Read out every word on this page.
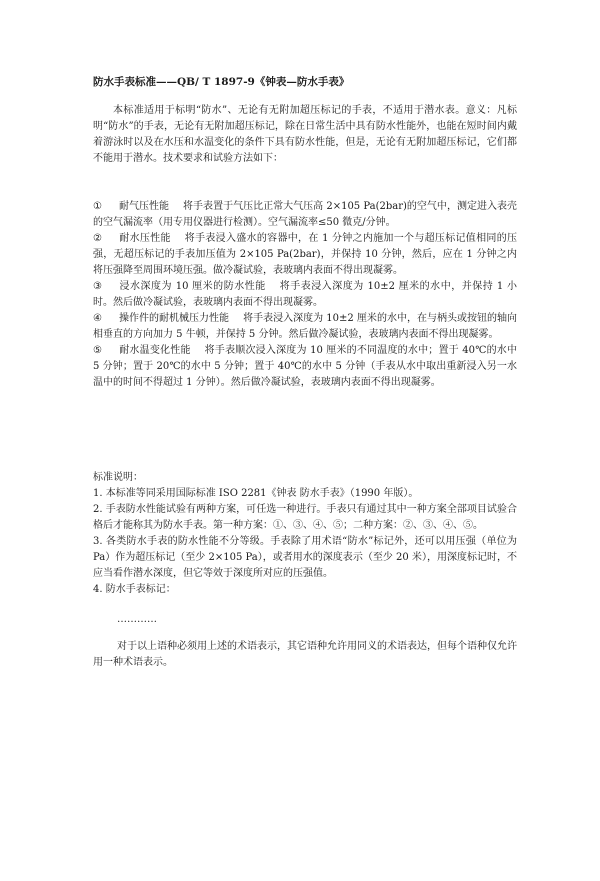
防水手表标准——QB/ T 1897-9《钟表—防水手表》
本标准适用于标明“防水”、无论有无附加超压标记的手表，不适用于潜水表。意义：凡标明“防水”的手表，无论有无附加超压标记，除在日常生活中具有防水性能外，也能在短时间内戴着游泳时以及在水压和水温变化的条件下具有防水性能，但是，无论有无附加超压标记，它们都不能用于潜水。技术要求和试验方法如下：
① 耐气压性能 将手表置于气压比正常大气压高 2×105 Pa(2bar)的空气中，测定进入表壳的空气漏流率（用专用仪器进行检测）。空气漏流率≤50 微克/分钟。
② 耐水压性能 将手表浸入盛水的容器中，在 1 分钟之内施加一个与超压标记值相同的压强，无超压标记的手表加压值为 2×105 Pa(2bar)，并保持 10 分钟，然后，应在 1 分钟之内将压强降至周围环境压强。做冷凝试验，表玻璃内表面不得出现凝雾。
③ 浸水深度为 10 厘米的防水性能 将手表浸入深度为 10±2 厘米的水中，并保持 1 小时。然后做冷凝试验，表玻璃内表面不得出现凝雾。
④ 操作件的耐机械压力性能 将手表浸入深度为 10±2 厘米的水中，在与柄头或按钮的轴向相垂直的方向加力 5 牛顿，并保持 5 分钟。然后做冷凝试验，表玻璃内表面不得出现凝雾。
⑤ 耐水温变化性能 将手表顺次浸入深度为 10 厘米的不同温度的水中；置于 40℃的水中 5 分钟；置于 20℃的水中 5 分钟；置于 40℃的水中 5 分钟（手表从水中取出重新浸入另一水温中的时间不得超过 1 分钟）。然后做冷凝试验，表玻璃内表面不得出现凝雾。
标准说明：
1. 本标准等同采用国际标准 ISO 2281《钟表 防水手表》（1990 年版）。
2. 手表防水性能试验有两种方案，可任选一种进行。手表只有通过其中一种方案全部项目试验合格后才能称其为防水手表。第一种方案：①、③、④、⑤；二种方案：②、③、④、⑤。
3. 各类防水手表的防水性能不分等级。手表除了用术语“防水”标记外，还可以用压强（单位为 Pa）作为超压标记（至少 2×105 Pa），或者用水的深度表示（至少 20 米），用深度标记时，不应当看作潜水深度，但它等效于深度所对应的压强值。
4. 防水手表标记：
…………
对于以上语种必须用上述的术语表示，其它语种允许用同义的术语表达，但每个语种仅允许用一种术语表示。
